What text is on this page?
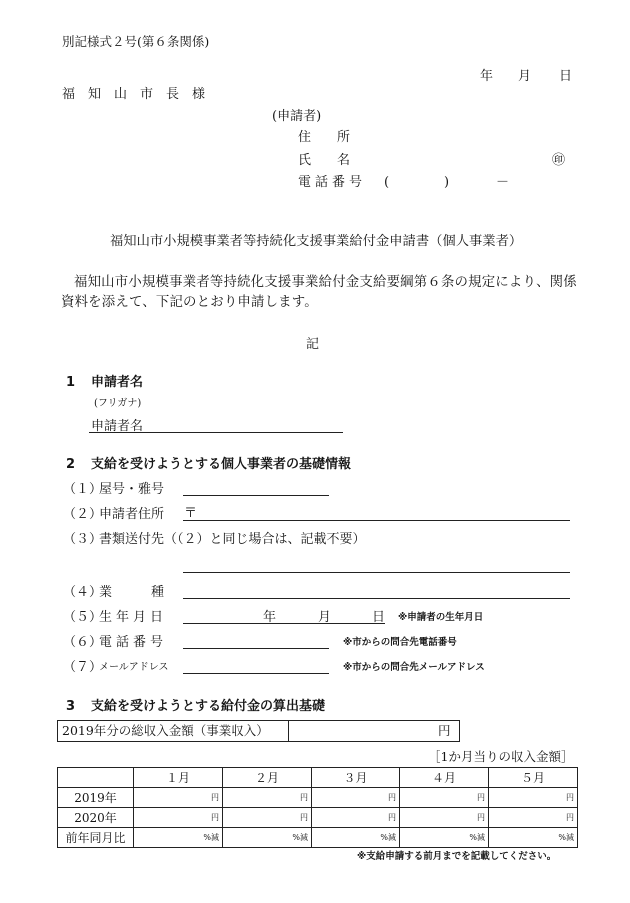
別記様式２号(第６条関係)
年 月 日
福　知　山　市　長　様
(申請者)
住　　所
氏　　名	㊞
電話番号 (	)	－
福知山市小規模事業者等持続化支援事業給付金申請書（個人事業者）
福知山市小規模事業者等持続化支援事業給付金支給要綱第６条の規定により、関係
資料を添えて、下記のとおり申請します。
記
1 申請者名
(フリガナ)
申請者名
2 支給を受けようとする個人事業者の基礎情報
（１）
屋号・雅号
（２）
申請者住所 〒
（３）
書類送付先（（２）と同じ場合は、記載不要）
（４）
業　　　種
（５）
生年月日	年	月	日 ※申請者の生年月日
（６）
電話番号	※市からの問合先電話番号
（７）
メールアドレス	※市からの問合先メールアドレス
3 支給を受けようとする給付金の算出基礎
2019年分の総収入金額（事業収入）	円
［1か月当りの収入金額］
	１月	２月	３月	４月	５月
2019年	円	円	円	円	円
2020年	円	円	円	円	円
前年同月比	%減	%減	%減	%減	%減
※支給申請する前月までを記載してください。
